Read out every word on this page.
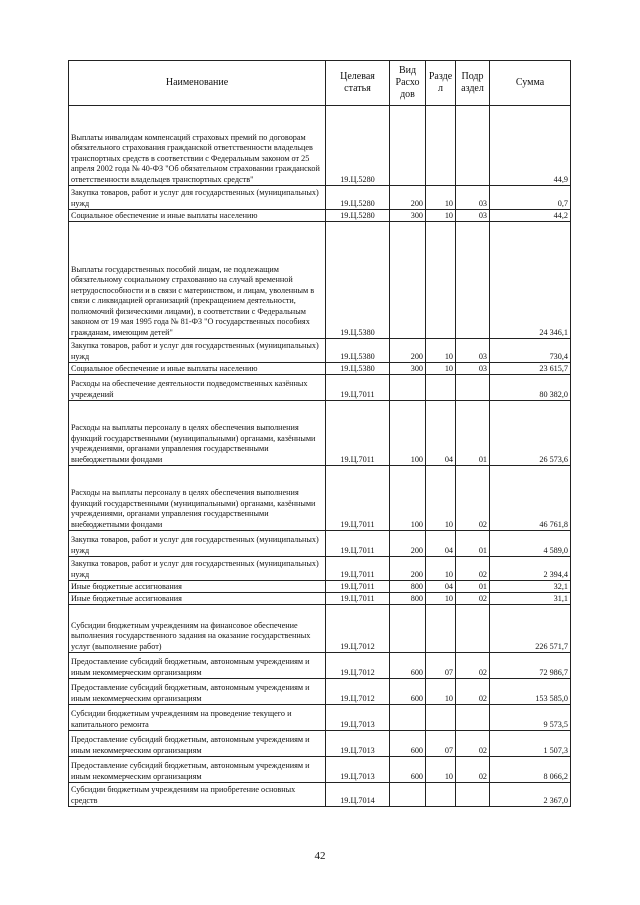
Наименование	Целевая статья	Вид Расхо дов	Разде л	Подр аздел	Сумма
Выплаты инвалидам компенсаций страховых премий по договорам обязательного страхования гражданской ответственности владельцев транспортных средств в соответствии с Федеральным законом от 25 апреля 2002 года № 40-ФЗ "Об обязательном страховании гражданской ответственности владельцев транспортных средств"	19.Ц.5280				44,9
Закупка товаров, работ и услуг для государственных (муниципальных) нужд	19.Ц.5280	200	10	03	0,7
Социальное обеспечение и иные выплаты населению	19.Ц.5280	300	10	03	44,2
Выплаты государственных пособий лицам, не подлежащим обязательному социальному страхованию на случай временной нетрудоспособности и в связи с материнством, и лицам, уволенным в связи с ликвидацией организаций (прекращением деятельности, полномочий физическими лицами), в соответствии с Федеральным законом от 19 мая 1995 года № 81-ФЗ "О государственных пособиях гражданам, имеющим детей"	19.Ц.5380				24 346,1
Закупка товаров, работ и услуг для государственных (муниципальных) нужд	19.Ц.5380	200	10	03	730,4
Социальное обеспечение и иные выплаты населению	19.Ц.5380	300	10	03	23 615,7
Расходы на обеспечение деятельности подведомственных казённых учреждений	19.Ц.7011				80 382,0
Расходы на выплаты персоналу в целях обеспечения выполнения функций государственными (муниципальными) органами, казёнными учреждениями, органами управления государственными внебюджетными фондами	19.Ц.7011	100	04	01	26 573,6
Расходы на выплаты персоналу в целях обеспечения выполнения функций государственными (муниципальными) органами, казёнными учреждениями, органами управления государственными внебюджетными фондами	19.Ц.7011	100	10	02	46 761,8
Закупка товаров, работ и услуг для государственных (муниципальных) нужд	19.Ц.7011	200	04	01	4 589,0
Закупка товаров, работ и услуг для государственных (муниципальных) нужд	19.Ц.7011	200	10	02	2 394,4
Иные бюджетные ассигнования	19.Ц.7011	800	04	01	32,1
Иные бюджетные ассигнования	19.Ц.7011	800	10	02	31,1
Субсидии бюджетным учреждениям на финансовое обеспечение выполнения государственного задания на оказание государственных услуг (выполнение работ)	19.Ц.7012				226 571,7
Предоставление субсидий бюджетным, автономным учреждениям и иным некоммерческим организациям	19.Ц.7012	600	07	02	72 986,7
Предоставление субсидий бюджетным, автономным учреждениям и иным некоммерческим организациям	19.Ц.7012	600	10	02	153 585,0
Субсидии бюджетным учреждениям на проведение текущего и капитального ремонта	19.Ц.7013				9 573,5
Предоставление субсидий бюджетным, автономным учреждениям и иным некоммерческим организациям	19.Ц.7013	600	07	02	1 507,3
Предоставление субсидий бюджетным, автономным учреждениям и иным некоммерческим организациям	19.Ц.7013	600	10	02	8 066,2
Субсидии бюджетным учреждениям на приобретение основных средств	19.Ц.7014				2 367,0
42
